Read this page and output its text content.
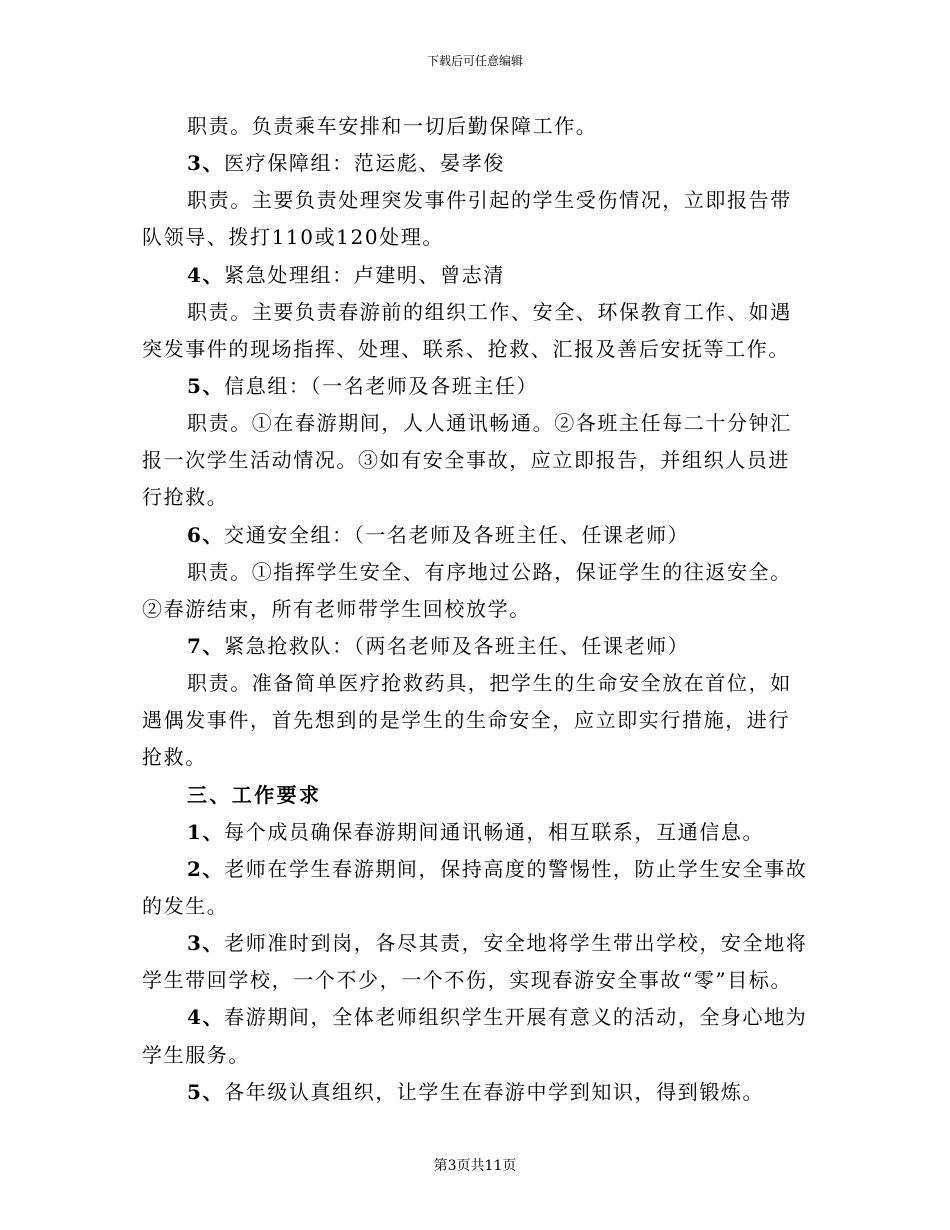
下载后可任意编辑
职责。负责乘车安排和一切后勤保障工作。
3、医疗保障组：范运彪、晏孝俊
职责。主要负责处理突发事件引起的学生受伤情况，立即报告带
队领导、拨打110或120处理。
4、紧急处理组：卢建明、曾志清
职责。主要负责春游前的组织工作、安全、环保教育工作、如遇
突发事件的现场指挥、处理、联系、抢救、汇报及善后安抚等工作。
5、信息组：（一名老师及各班主任）
职责。①在春游期间，人人通讯畅通。②各班主任每二十分钟汇
报一次学生活动情况。③如有安全事故，应立即报告，并组织人员进
行抢救。
6、交通安全组：（一名老师及各班主任、任课老师）
职责。①指挥学生安全、有序地过公路，保证学生的往返安全。
②春游结束，所有老师带学生回校放学。
7、紧急抢救队：（两名老师及各班主任、任课老师）
职责。准备简单医疗抢救药具，把学生的生命安全放在首位，如
遇偶发事件，首先想到的是学生的生命安全，应立即实行措施，进行
抢救。
三、工作要求
1、每个成员确保春游期间通讯畅通，相互联系，互通信息。
2、老师在学生春游期间，保持高度的警惕性，防止学生安全事故
的发生。
3、老师准时到岗，各尽其责，安全地将学生带出学校，安全地将
学生带回学校，一个不少，一个不伤，实现春游安全事故“零”目标。
4、春游期间，全体老师组织学生开展有意义的活动，全身心地为
学生服务。
5、各年级认真组织，让学生在春游中学到知识，得到锻炼。
第3页共11页
